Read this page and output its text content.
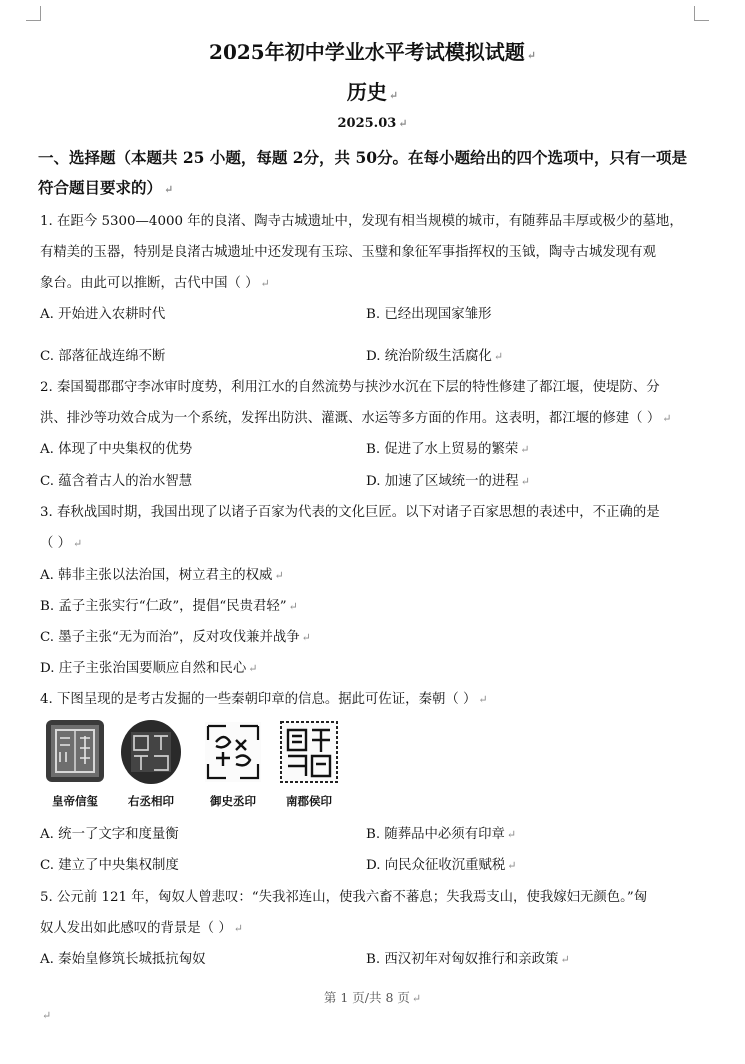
2025年初中学业水平考试模拟试题 ↵
历史 ↵
2025.03 ↵
一、选择题（本题共 25 小题，每题 2分，共 50分。在每小题给出的四个选项中，只有一项是
符合题目要求的） ↵
1. 在距今 5300—4000 年的良渚、陶寺古城遗址中，发现有相当规模的城市，有随葬品丰厚或极少的墓地，
有精美的玉器，特别是良渚古城遗址中还发现有玉琮、玉璧和象征军事指挥权的玉钺，陶寺古城发现有观
象台。由此可以推断，古代中国（ ） ↵
A. 开始进入农耕时代	B. 已经出现国家雏形
C. 部落征战连绵不断	D. 统治阶级生活腐化 ↵
2. 秦国蜀郡郡守李冰审时度势，利用江水的自然流势与挟沙水沉在下层的特性修建了都江堰，使堤防、分
洪、排沙等功效合成为一个系统，发挥出防洪、灌溉、水运等多方面的作用。这表明，都江堰的修建（ ） ↵
A. 体现了中央集权的优势	B. 促进了水上贸易的繁荣 ↵
C. 蕴含着古人的治水智慧	D. 加速了区域统一的进程 ↵
3. 春秋战国时期，我国出现了以诸子百家为代表的文化巨匠。以下对诸子百家思想的表述中，不正确的是
（ ） ↵
A. 韩非主张以法治国，树立君主的权威 ↵
B. 孟子主张实行“仁政”，提倡“民贵君轻” ↵
C. 墨子主张“无为而治”，反对攻伐兼并战争 ↵
D. 庄子主张治国要顺应自然和民心 ↵
4. 下图呈现的是考古发掘的一些秦朝印章的信息。据此可佐证，秦朝（ ） ↵
皇帝信玺	右丞相印	御史丞印	南郡侯印
A. 统一了文字和度量衡	B. 随葬品中必须有印章 ↵
C. 建立了中央集权制度	D. 向民众征收沉重赋税 ↵
5. 公元前 121 年，匈奴人曾悲叹：“失我祁连山，使我六畜不蕃息；失我焉支山，使我嫁妇无颜色。”匈
奴人发出如此感叹的背景是（ ） ↵
A. 秦始皇修筑长城抵抗匈奴	B. 西汉初年对匈奴推行和亲政策 ↵
第 1 页/共 8 页 ↵
↵
